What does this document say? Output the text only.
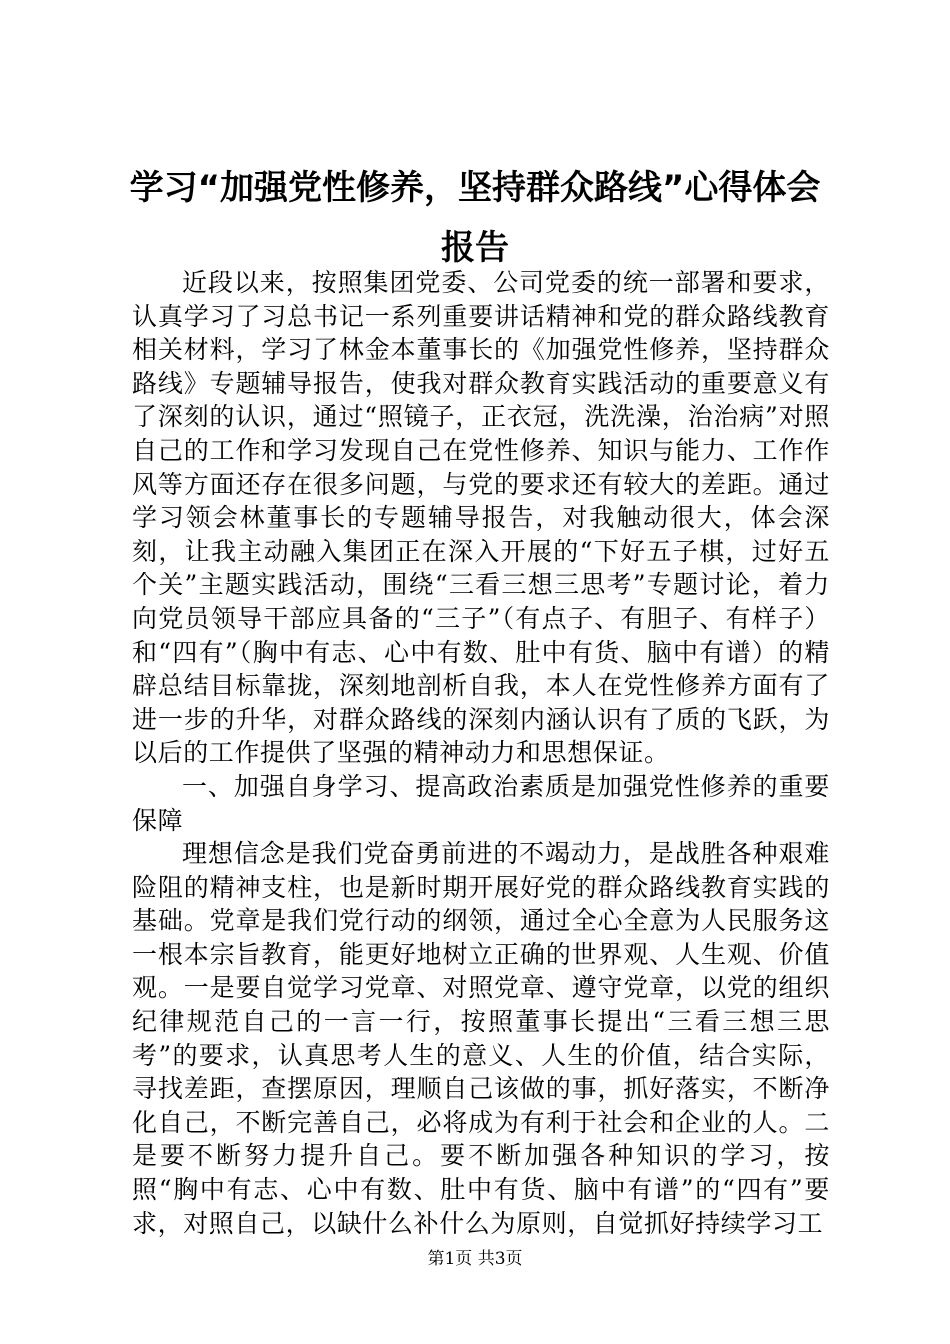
学习“加强党性修养，坚持群众路线”心得体会报告

近段以来，按照集团党委、公司党委的统一部署和要求，认真学习了习总书记一系列重要讲话精神和党的群众路线教育相关材料，学习了林金本董事长的《加强党性修养，坚持群众路线》专题辅导报告，使我对群众教育实践活动的重要意义有了深刻的认识，通过“照镜子，正衣冠，洗洗澡，治治病”对照自己的工作和学习发现自己在党性修养、知识与能力、工作作风等方面还存在很多问题，与党的要求还有较大的差距。通过学习领会林董事长的专题辅导报告，对我触动很大，体会深刻，让我主动融入集团正在深入开展的“下好五子棋，过好五个关”主题实践活动，围绕“三看三想三思考”专题讨论，着力向党员领导干部应具备的“三子”（有点子、有胆子、有样子）和“四有”（胸中有志、心中有数、肚中有货、脑中有谱）的精辟总结目标靠拢，深刻地剖析自我，本人在党性修养方面有了进一步的升华，对群众路线的深刻内涵认识有了质的飞跃，为以后的工作提供了坚强的精神动力和思想保证。

一、加强自身学习、提高政治素质是加强党性修养的重要保障

理想信念是我们党奋勇前进的不竭动力，是战胜各种艰难险阻的精神支柱，也是新时期开展好党的群众路线教育实践的基础。党章是我们党行动的纲领，通过全心全意为人民服务这一根本宗旨教育，能更好地树立正确的世界观、人生观、价值观。一是要自觉学习党章、对照党章、遵守党章，以党的组织纪律规范自己的一言一行，按照董事长提出“三看三想三思考”的要求，认真思考人生的意义、人生的价值，结合实际，寻找差距，查摆原因，理顺自己该做的事，抓好落实，不断净化自己，不断完善自己，必将成为有利于社会和企业的人。二是要不断努力提升自己。要不断加强各种知识的学习，按照“胸中有志、心中有数、肚中有货、脑中有谱”的“四有”要求，对照自己，以缺什么补什么为原则，自觉抓好持续学习工

第1页 共3页
